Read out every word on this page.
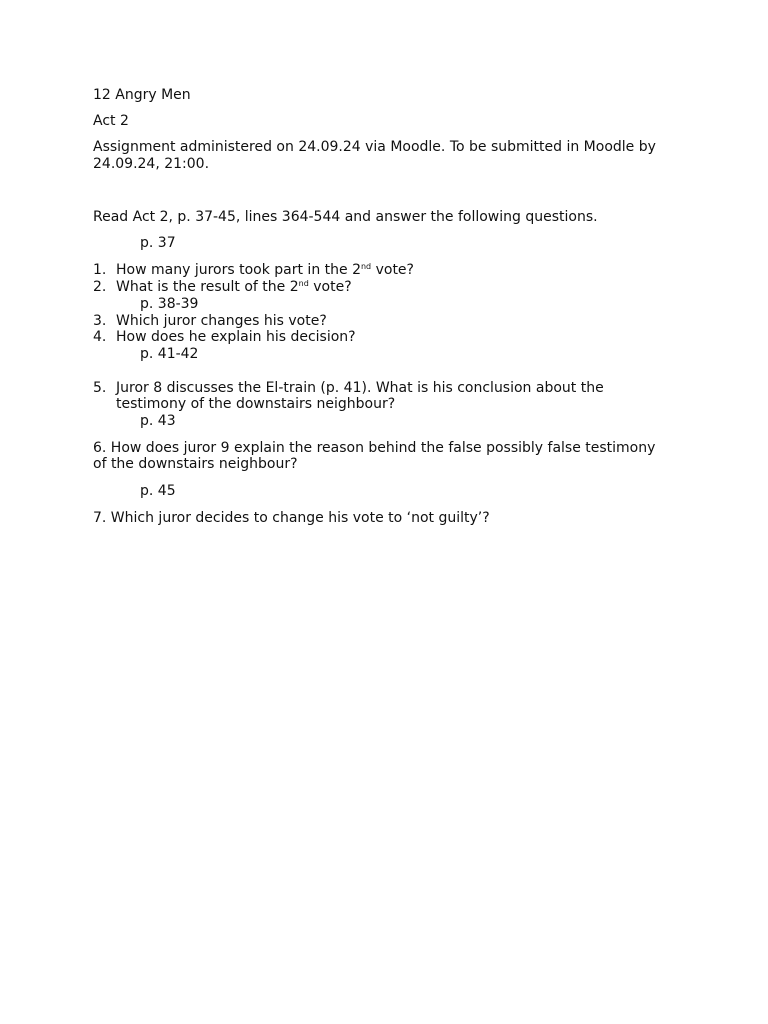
12 Angry Men
Act 2
Assignment administered on 24.09.24 via Moodle. To be submitted in Moodle by
24.09.24, 21:00.
Read Act 2, p. 37-45, lines 364-544 and answer the following questions.
p. 37
1. How many jurors took part in the 2nd vote?
2. What is the result of the 2nd vote?
p. 38-39
3. Which juror changes his vote?
4. How does he explain his decision?
p. 41-42
5. Juror 8 discusses the El-train (p. 41). What is his conclusion about the
testimony of the downstairs neighbour?
p. 43
6. How does juror 9 explain the reason behind the false possibly false testimony
of the downstairs neighbour?
p. 45
7. Which juror decides to change his vote to ‘not guilty’?
